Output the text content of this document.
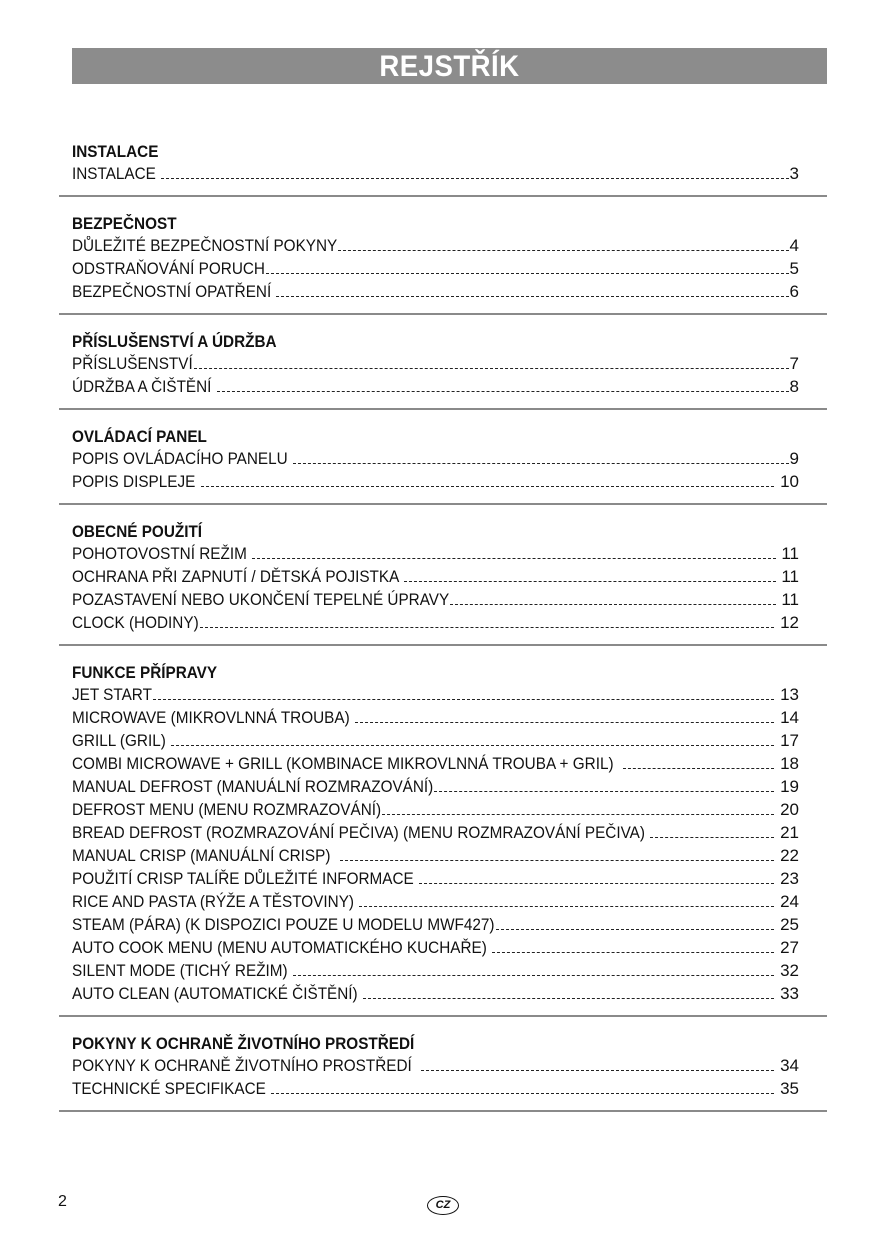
REJSTŘÍK
INSTALACE
INSTALACE	3
BEZPEČNOST
DŮLEŽITÉ BEZPEČNOSTNÍ POKYNY	4
ODSTRAŇOVÁNÍ PORUCH	5
BEZPEČNOSTNÍ OPATŘENÍ	6
PŘÍSLUŠENSTVÍ A ÚDRŽBA
PŘÍSLUŠENSTVÍ	7
ÚDRŽBA A ČIŠTĚNÍ	8
OVLÁDACÍ PANEL
POPIS OVLÁDACÍHO PANELU	9
POPIS DISPLEJE	10
OBECNÉ POUŽITÍ
POHOTOVOSTNÍ REŽIM	11
OCHRANA PŘI ZAPNUTÍ / DĚTSKÁ POJISTKA	11
POZASTAVENÍ NEBO UKONČENÍ TEPELNÉ ÚPRAVY	11
CLOCK (HODINY)	12
FUNKCE PŘÍPRAVY
JET START	13
MICROWAVE (MIKROVLNNÁ TROUBA)	14
GRILL (GRIL)	17
COMBI MICROWAVE + GRILL (KOMBINACE MIKROVLNNÁ TROUBA + GRIL)	18
MANUAL DEFROST (MANUÁLNÍ ROZMRAZOVÁNÍ)	19
DEFROST MENU (MENU ROZMRAZOVÁNÍ)	20
BREAD DEFROST (ROZMRAZOVÁNÍ PEČIVA) (MENU ROZMRAZOVÁNÍ PEČIVA)	21
MANUAL CRISP (MANUÁLNÍ CRISP)	22
POUŽITÍ CRISP TALÍŘE DŮLEŽITÉ INFORMACE	23
RICE AND PASTA (RÝŽE A TĚSTOVINY)	24
STEAM (PÁRA) (K DISPOZICI POUZE U MODELU MWF427)	25
AUTO COOK MENU (MENU AUTOMATICKÉHO KUCHAŘE)	27
SILENT MODE (TICHÝ REŽIM)	32
AUTO CLEAN (AUTOMATICKÉ ČIŠTĚNÍ)	33
POKYNY K OCHRANĚ ŽIVOTNÍHO PROSTŘEDÍ
POKYNY K OCHRANĚ ŽIVOTNÍHO PROSTŘEDÍ	34
TECHNICKÉ SPECIFIKACE	35
2	CZ
